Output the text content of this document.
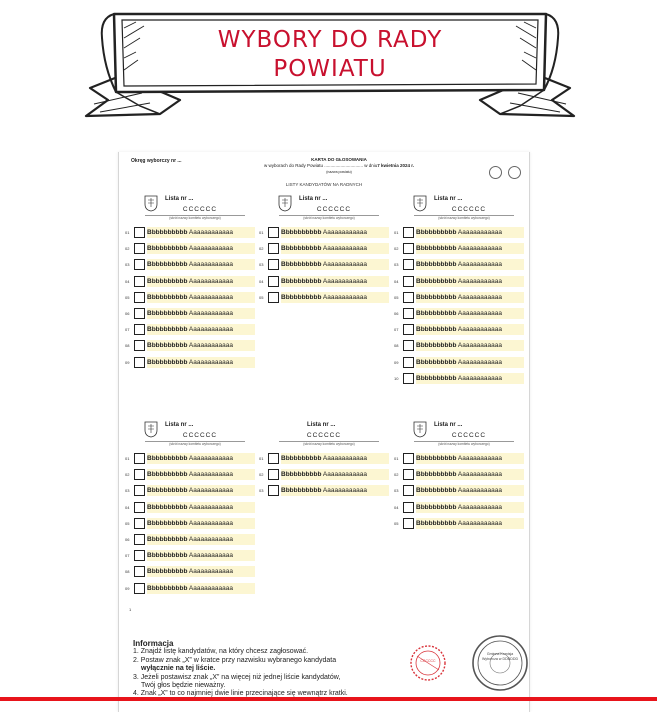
WYBORY DO RADY
POWIATU
Okręg wyborczy nr ...	KARTA DO GŁOSOWANIA
w wyborach do Rady Powiatu ............................... w dniu7 kwietnia 2024 r.
(nazwa powiatu)
LISTY KANDYDATÓW NA RADNYCH
Lista nr ...
CCCCCC
(skrót nazwy komitetu wyborczego)
01	Bbbbbbbbbb Aaaaaaaaaaaa
02	Bbbbbbbbbb Aaaaaaaaaaaa
03	Bbbbbbbbbb Aaaaaaaaaaaa
04	Bbbbbbbbbb Aaaaaaaaaaaa
05	Bbbbbbbbbb Aaaaaaaaaaaa
06	Bbbbbbbbbb Aaaaaaaaaaaa
07	Bbbbbbbbbb Aaaaaaaaaaaa
08	Bbbbbbbbbb Aaaaaaaaaaaa
09	Bbbbbbbbbb Aaaaaaaaaaaa
Lista nr ...
CCCCCC
(skrót nazwy komitetu wyborczego)
01	Bbbbbbbbbb Aaaaaaaaaaaa
02	Bbbbbbbbbb Aaaaaaaaaaaa
03	Bbbbbbbbbb Aaaaaaaaaaaa
04	Bbbbbbbbbb Aaaaaaaaaaaa
05	Bbbbbbbbbb Aaaaaaaaaaaa
Lista nr ...
CCCCCC
(skrót nazwy komitetu wyborczego)
01	Bbbbbbbbbb Aaaaaaaaaaaa
02	Bbbbbbbbbb Aaaaaaaaaaaa
03	Bbbbbbbbbb Aaaaaaaaaaaa
04	Bbbbbbbbbb Aaaaaaaaaaaa
05	Bbbbbbbbbb Aaaaaaaaaaaa
06	Bbbbbbbbbb Aaaaaaaaaaaa
07	Bbbbbbbbbb Aaaaaaaaaaaa
08	Bbbbbbbbbb Aaaaaaaaaaaa
09	Bbbbbbbbbb Aaaaaaaaaaaa
10	Bbbbbbbbbb Aaaaaaaaaaaa
Lista nr ...
CCCCCC
(skrót nazwy komitetu wyborczego)
01	Bbbbbbbbbb Aaaaaaaaaaaa
02	Bbbbbbbbbb Aaaaaaaaaaaa
03	Bbbbbbbbbb Aaaaaaaaaaaa
04	Bbbbbbbbbb Aaaaaaaaaaaa
05	Bbbbbbbbbb Aaaaaaaaaaaa
06	Bbbbbbbbbb Aaaaaaaaaaaa
07	Bbbbbbbbbb Aaaaaaaaaaaa
08	Bbbbbbbbbb Aaaaaaaaaaaa
09	Bbbbbbbbbb Aaaaaaaaaaaa
Lista nr ...
CCCCCC
(skrót nazwy komitetu wyborczego)
01	Bbbbbbbbbb Aaaaaaaaaaaa
02	Bbbbbbbbbb Aaaaaaaaaaaa
03	Bbbbbbbbbb Aaaaaaaaaaaa
Lista nr ...
CCCCCC
(skrót nazwy komitetu wyborczego)
01	Bbbbbbbbbb Aaaaaaaaaaaa
02	Bbbbbbbbbb Aaaaaaaaaaaa
03	Bbbbbbbbbb Aaaaaaaaaaaa
04	Bbbbbbbbbb Aaaaaaaaaaaa
05	Bbbbbbbbbb Aaaaaaaaaaaa
1
Informacja
1. Znajdź listę kandydatów, na który chcesz zagłosować.
2. Postaw znak „X” w kratce przy nazwisku wybranego kandydata
wyłącznie na tej liście.
3. Jeżeli postawisz znak „X” na więcej niż jednej liście kandydatów,
Twój głos będzie nieważny.
4. Znak „X” to co najmniej dwie linie przecinające się wewnątrz kratki.
CCCCCC
Gminna Komisja
Wyborcza w DDDDDD
